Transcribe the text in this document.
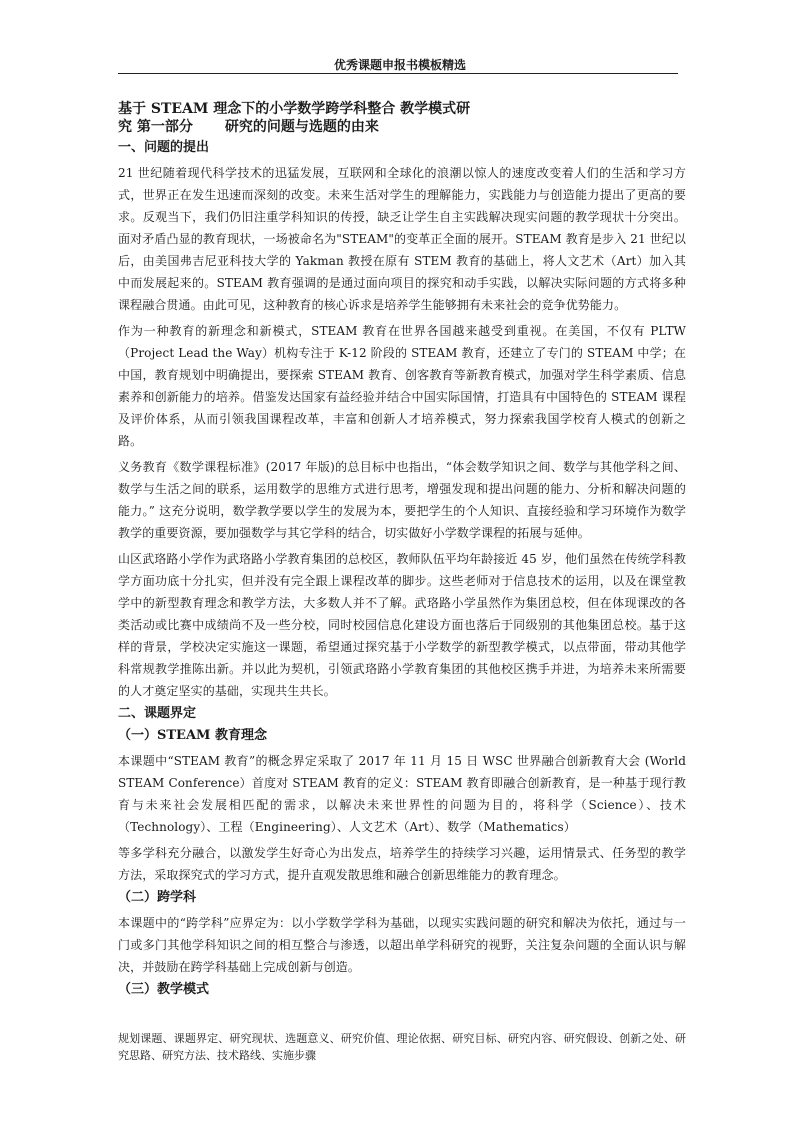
优秀课题申报书模板精选
基于 STEAM 理念下的小学数学跨学科整合 教学模式研
究 第一部分 研究的问题与选题的由来
一、问题的提出

21 世纪随着现代科学技术的迅猛发展，互联网和全球化的浪潮以惊人的速度改变着人们的生活和学习方式，世界正在发生迅速而深刻的改变。未来生活对学生的理解能力，实践能力与创造能力提出了更高的要求。反观当下，我们仍旧注重学科知识的传授，缺乏让学生自主实践解决现实问题的教学现状十分突出。面对矛盾凸显的教育现状，一场被命名为"STEAM"的变革正全面的展开。STEAM 教育是步入 21 世纪以后，由美国弗吉尼亚科技大学的 Yakman 教授在原有 STEM 教育的基础上，将人文艺术（Art）加入其中而发展起来的。STEAM 教育强调的是通过面向项目的探究和动手实践，以解决实际问题的方式将多种课程融合贯通。由此可见，这种教育的核心诉求是培养学生能够拥有未来社会的竞争优势能力。

作为一种教育的新理念和新模式，STEAM 教育在世界各国越来越受到重视。在美国，不仅有 PLTW（Project Lead the Way）机构专注于 K-12 阶段的 STEAM 教育，还建立了专门的 STEAM 中学；在中国，教育规划中明确提出，要探索 STEAM 教育、创客教育等新教育模式，加强对学生科学素质、信息素养和创新能力的培养。借鉴发达国家有益经验并结合中国实际国情，打造具有中国特色的 STEAM 课程及评价体系，从而引领我国课程改革，丰富和创新人才培养模式，努力探索我国学校育人模式的创新之路。

义务教育《数学课程标准》(2017 年版)的总目标中也指出，“体会数学知识之间、数学与其他学科之间、数学与生活之间的联系，运用数学的思维方式进行思考，增强发现和提出问题的能力、分析和解决问题的能力。” 这充分说明，数学教学要以学生的发展为本，要把学生的个人知识、直接经验和学习环境作为数学教学的重要资源，要加强数学与其它学科的结合，切实做好小学数学课程的拓展与延伸。

山区武珞路小学作为武珞路小学教育集团的总校区，教师队伍平均年龄接近 45 岁，他们虽然在传统学科教学方面功底十分扎实，但并没有完全跟上课程改革的脚步。这些老师对于信息技术的运用，以及在课堂教学中的新型教育理念和教学方法，大多数人并不了解。武珞路小学虽然作为集团总校，但在体现课改的各类活动或比赛中成绩尚不及一些分校，同时校园信息化建设方面也落后于同级别的其他集团总校。基于这样的背景，学校决定实施这一课题，希望通过探究基于小学数学的新型教学模式，以点带面，带动其他学科常规教学推陈出新。并以此为契机，引领武珞路小学教育集团的其他校区携手并进，为培养未来所需要的人才奠定坚实的基础，实现共生共长。

二、课题界定
（一）STEAM 教育理念

本课题中“STEAM 教育”的概念界定采取了 2017 年 11 月 15 日 WSC 世界融合创新教育大会 (World STEAM Conference）首度对 STEAM 教育的定义：STEAM 教育即融合创新教育，是一种基于现行教育与未来社会发展相匹配的需求，以解决未来世界性的问题为目的，将科学（Science）、技术（Technology）、工程（Engineering）、人文艺术（Art）、数学（Mathematics）

等多学科充分融合，以激发学生好奇心为出发点，培养学生的持续学习兴趣，运用情景式、任务型的教学方法，采取探究式的学习方式，提升直观发散思维和融合创新思维能力的教育理念。

（二）跨学科

本课题中的“跨学科”应界定为：以小学数学学科为基础，以现实实践问题的研究和解决为依托，通过与一门或多门其他学科知识之间的相互整合与渗透，以超出单学科研究的视野，关注复杂问题的全面认识与解决，并鼓励在跨学科基础上完成创新与创造。

（三）教学模式
规划课题、课题界定、研究现状、选题意义、研究价值、理论依据、研究目标、研究内容、研究假设、创新之处、研究思路、研究方法、技术路线、实施步骤
